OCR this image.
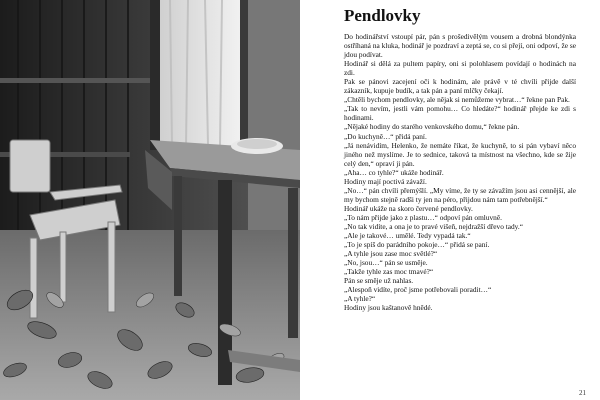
Pendlovky

Do hodinářství vstoupí pár, pán s prošedivělým vousem a drobná blondýnka ostříhaná na klukа, hodinář je pozdraví a zeptá se, co si přejí, oni odpoví, že se jdou podívat.

Hodinář si dělá za pultem papíry, oni si polohlasem povídají o hodinách na zdi.

Pak se pánovi zacejení oči k hodinám, ale právě v té chvíli přijde další zákazník, kupuje budík, a tak pán a paní mlčky čekají.

„Chtěli bychom pendlovky, ale nějak si nemůžeme vybrat…“ řekne pan Pak.

„Tak to nevím, jestli vám pomohu… Co hledáte?“ hodinář přejde ke zdi s hodinami.

„Nějaké hodiny do starého venkovského domu,“ řekne pán.

„Do kuchyně…“ přidá paní.

„Já nenávidím, Helenko, že nemáte říkat, že kuchyně, to si pán vybaví něco jiného než myslíme. Je to sednice, taková ta místnost na všechno, kde se žije celý den,“ opraví ji pán.

„Aha… co tyhle?“ ukáže hodinář.

Hodiny mají poctivá závaží.

„No…“ pán chvíli přemýšlí. „My víme, že ty se závažím jsou asi cennější, ale my bychom stejně radši ty jen na péro, přijdou nám tam potřebnější.“

Hodinář ukáže na skoro červené pendlovky.

„To nám přijde jako z plastu…“ odpoví pán omluvně.

„No tak vidíte, a ona je to pravé višeň, nejdražší dřevo tady.“

„Ale je takové… umělé. Tedy vypadá tak.“

„To je spíš do parádního pokoje…“ přidá se paní.

„A tyhle jsou zase moc světlé?“

„No, jsou…“ pán se usměje.

„Takže tyhle zas moc tmavé?“

Pán se směje už nahlas.

„Alespoň vidíte, proč jsme potřebovali poradit…“

„A tyhle?“

Hodiny jsou kaštanově hnědé.

21
